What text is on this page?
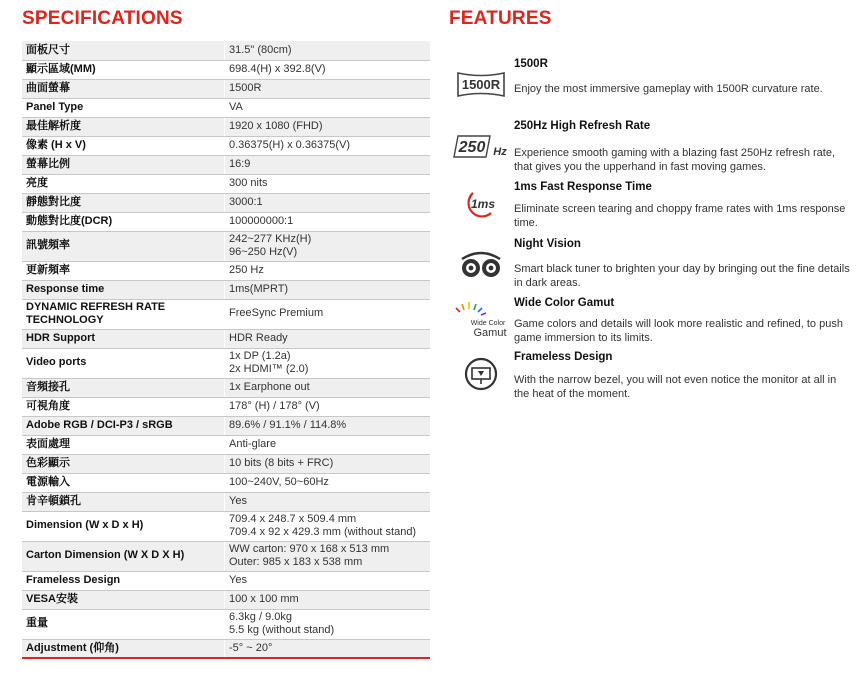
SPECIFICATIONS	FEATURES
面板尺寸	31.5" (80cm)

顯示區域(MM)	698.4(H) x 392.8(V)

曲面螢幕	1500R

Panel Type	VA

最佳解析度	1920 x 1080 (FHD)

像素 (H x V)	0.36375(H) x 0.36375(V)

螢幕比例	16:9

亮度	300 nits

靜態對比度	3000:1

動態對比度(DCR)	100000000:1

訊號頻率	242~277 KHz(H)
96~250 Hz(V)

更新頻率	250 Hz

Response time	1ms(MPRT)

DYNAMIC REFRESH RATE TECHNOLOGY	FreeSync Premium

HDR Support	HDR Ready

Video ports	1x DP (1.2a)
2x HDMI™ (2.0)

音頻接孔	1x Earphone out

可視角度	178° (H) / 178° (V)

Adobe RGB / DCI-P3 / sRGB	89.6% / 91.1% / 114.8%

表面處理	Anti-glare

色彩顯示	10 bits (8 bits + FRC)

電源輸入	100~240V, 50~60Hz

肯辛頓鎖孔	Yes

Dimension (W x D x H)	709.4 x 248.7 x 509.4 mm
709.4 x 92 x 429.3 mm (without stand)

Carton Dimension (W X D X H)	WW carton: 970 x 168 x 513 mm
Outer: 985 x 183 x 538 mm

Frameless Design	Yes

VESA安裝	100 x 100 mm

重量	6.3kg / 9.0kg
5.5 kg (without stand)

Adjustment (仰角)	-5° ~ 20°
1500R
1500R
Enjoy the most immersive gameplay with 1500R curvature rate.
250 Hz
250Hz High Refresh Rate
Experience smooth gaming with a blazing fast 250Hz refresh rate, that gives you the upperhand in fast moving games.
1ms
1ms Fast Response Time
Eliminate screen tearing and choppy frame rates with 1ms response time.
Night Vision
Smart black tuner to brighten your day by bringing out the fine details in dark areas.
Wide Color
Gamut
Wide Color Gamut
Game colors and details will look more realistic and refined, to push game immersion to its limits.
Frameless Design
With the narrow bezel, you will not even notice the monitor at all in the heat of the moment.
